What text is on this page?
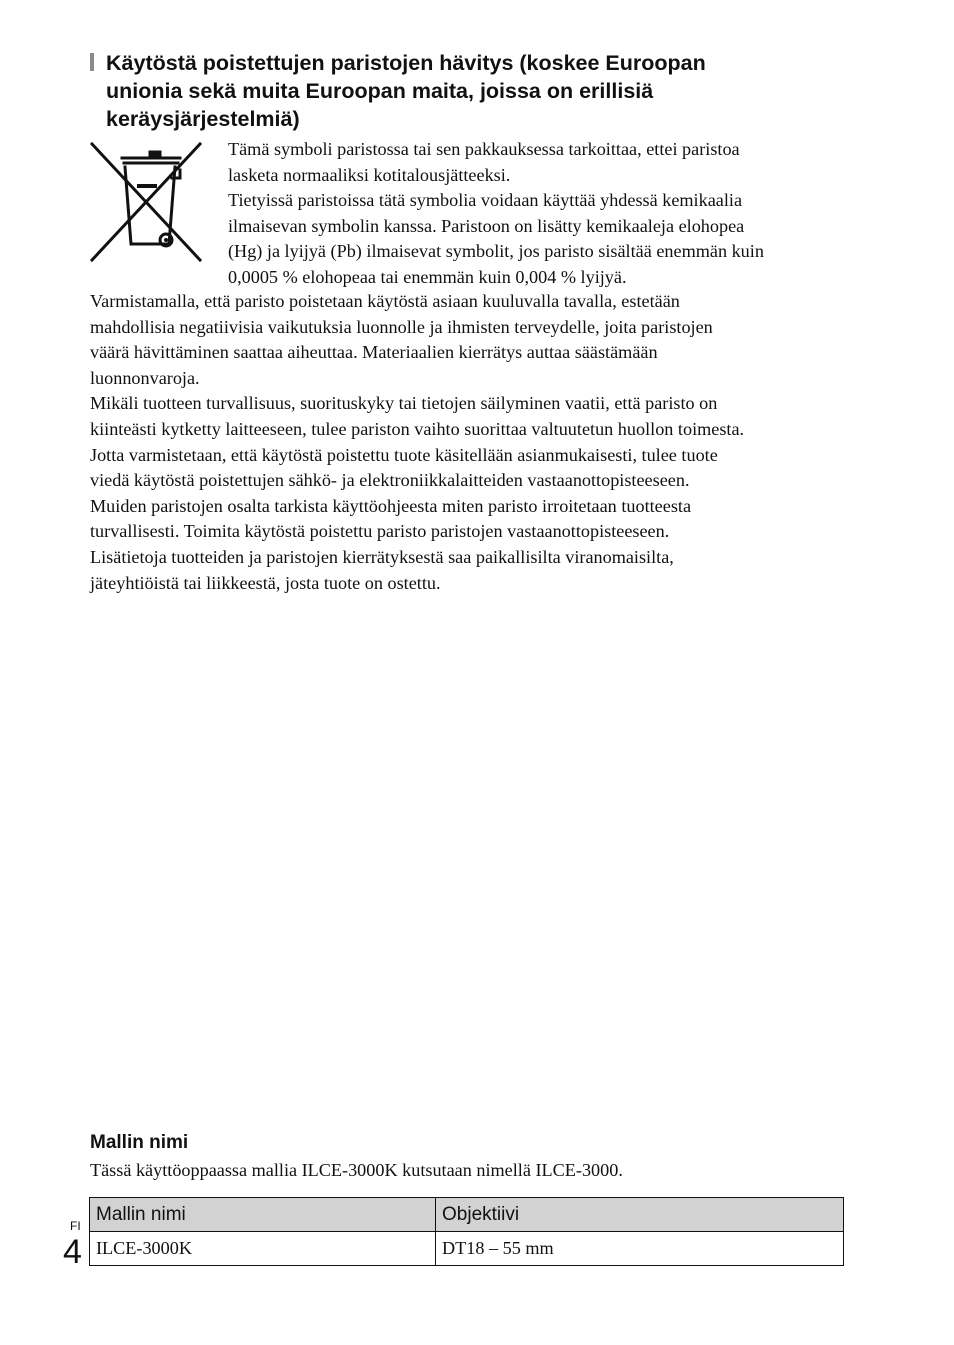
Käytöstä poistettujen paristojen hävitys (koskee Euroopan
unionia sekä muita Euroopan maita, joissa on erillisiä
keräysjärjestelmiä)

Tämä symboli paristossa tai sen pakkauksessa tarkoittaa, ettei paristoa

lasketa normaaliksi kotitalousjätteeksi.

Tietyissä paristoissa tätä symbolia voidaan käyttää yhdessä kemikaalia

ilmaisevan symbolin kanssa. Paristoon on lisätty kemikaaleja elohopea

(Hg) ja lyijyä (Pb) ilmaisevat symbolit, jos paristo sisältää enemmän kuin

0,0005 % elohopeaa tai enemmän kuin 0,004 % lyijyä.

Varmistamalla, että paristo poistetaan käytöstä asiaan kuuluvalla tavalla, estetään

mahdollisia negatiivisia vaikutuksia luonnolle ja ihmisten terveydelle, joita paristojen

väärä hävittäminen saattaa aiheuttaa. Materiaalien kierrätys auttaa säästämään

luonnonvaroja.

Mikäli tuotteen turvallisuus, suorituskyky tai tietojen säilyminen vaatii, että paristo on

kiinteästi kytketty laitteeseen, tulee pariston vaihto suorittaa valtuutetun huollon toimesta.

Jotta varmistetaan, että käytöstä poistettu tuote käsitellään asianmukaisesti, tulee tuote

viedä käytöstä poistettujen sähkö- ja elektroniikkalaitteiden vastaanottopisteeseen.

Muiden paristojen osalta tarkista käyttöohjeesta miten paristo irroitetaan tuotteesta

turvallisesti. Toimita käytöstä poistettu paristo paristojen vastaanottopisteeseen.

Lisätietoja tuotteiden ja paristojen kierrätyksestä saa paikallisilta viranomaisilta,

jäteyhtiöistä tai liikkeestä, josta tuote on ostettu.

Mallin nimi
Tässä käyttöoppaassa mallia ILCE-3000K kutsutaan nimellä ILCE-3000.
FI
4
Mallin nimi	Objektiivi
ILCE-3000K	DT18 – 55 mm
